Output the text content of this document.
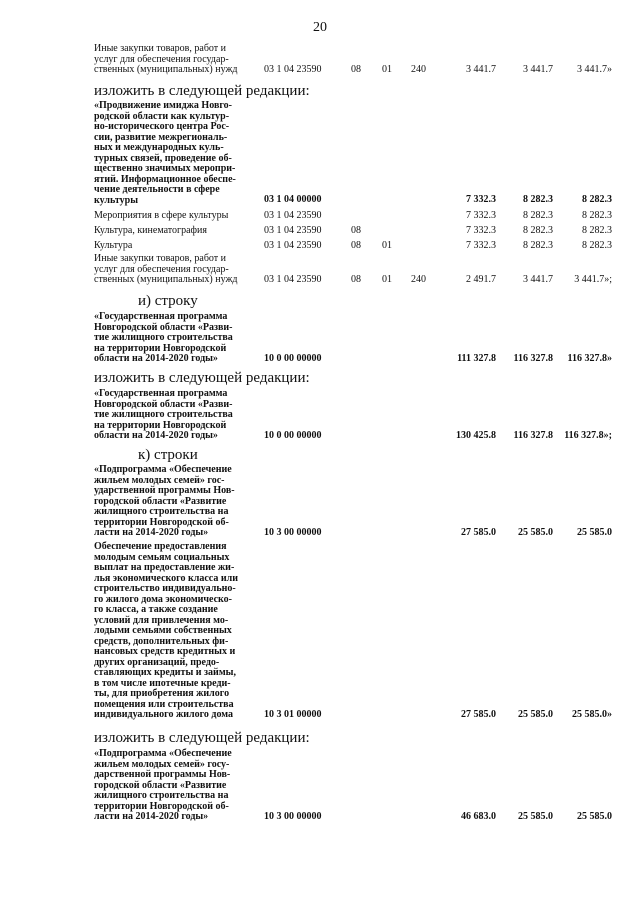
20
Иные закупки товаров, работ и
услуг для обеспечения государ-
ственных (муниципальных) нужд	03 1 04 23590	08 01 240	3 441.7	3 441.7 3 441.7»
изложить в следующей редакции:
«Продвижение имиджа Новго-
родской области как культур-
но-исторического центра Рос-
сии, развитие межрегиональ-
ных и международных куль-
турных связей, проведение об-
щественно значимых меропри-
ятий. Информационное обеспе-
чение деятельности в сфере
культуры	03 1 04 00000	7 332.3	8 282.3	8 282.3
Мероприятия в сфере культуры	03 1 04 23590	7 332.3	8 282.3	8 282.3
Культура, кинематография	03 1 04 23590	08	7 332.3	8 282.3	8 282.3
Культура	03 1 04 23590	08 01	7 332.3	8 282.3	8 282.3
Иные закупки товаров, работ и
услуг для обеспечения государ-
ственных (муниципальных) нужд	03 1 04 23590	08 01 240	2 491.7	3 441.7 3 441.7»;
и) строку
«Государственная программа
Новгородской области «Разви-
тие жилищного строительства
на территории Новгородской
области на 2014-2020 годы»	10 0 00 00000	111 327.8 116 327.8 116 327.8»
изложить в следующей редакции:
«Государственная программа
Новгородской области «Разви-
тие жилищного строительства
на территории Новгородской
области на 2014-2020 годы»	10 0 00 00000	130 425.8 116 327.8 116 327.8»;
к) строки
«Подпрограмма «Обеспечение
жильем молодых семей» гос-
ударственной программы Нов-
городской области «Развитие
жилищного строительства на
территории Новгородской об-
ласти на 2014-2020 годы»	10 3 00 00000	27 585.0 25 585.0 25 585.0
Обеспечение предоставления
молодым семьям социальных
выплат на предоставление жи-
лья экономического класса или
строительство индивидуально-
го жилого дома экономическо-
го класса, а также создание
условий для привлечения мо-
лодыми семьями собственных
средств, дополнительных фи-
нансовых средств кредитных и
других организаций, предо-
ставляющих кредиты и займы,
в том числе ипотечные креди-
ты, для приобретения жилого
помещения или строительства
индивидуального жилого дома	10 3 01 00000	27 585.0 25 585.0 25 585.0»
изложить в следующей редакции:
«Подпрограмма «Обеспечение
жильем молодых семей» госу-
дарственной программы Нов-
городской области «Развитие
жилищного строительства на
территории Новгородской об-
ласти на 2014-2020 годы»	10 3 00 00000	46 683.0 25 585.0 25 585.0
